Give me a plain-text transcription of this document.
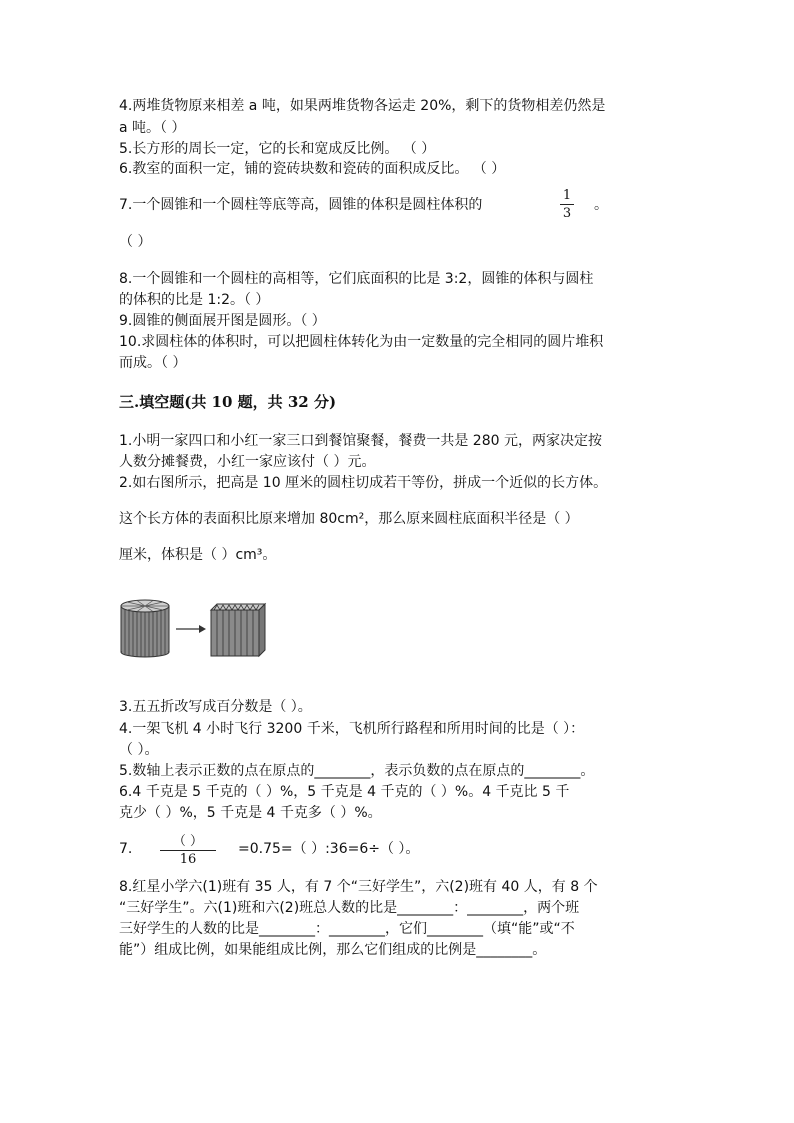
4.两堆货物原来相差 a 吨，如果两堆货物各运走 20%，剩下的货物相差仍然是
a 吨。（ ）
5.长方形的周长一定，它的长和宽成反比例。 （ ）
6.教室的面积一定，铺的瓷砖块数和瓷砖的面积成反比。 （ ）
7.一个圆锥和一个圆柱等底等高，圆锥的体积是圆柱体积的
1
3
。
（ ）
8.一个圆锥和一个圆柱的高相等，它们底面积的比是 3:2，圆锥的体积与圆柱
的体积的比是 1:2。（ ）
9.圆锥的侧面展开图是圆形。（ ）
10.求圆柱体的体积时，可以把圆柱体转化为由一定数量的完全相同的圆片堆积
而成。（ ）
三.填空题(共 10 题，共 32 分)
1.小明一家四口和小红一家三口到餐馆聚餐，餐费一共是 280 元，两家决定按
人数分摊餐费，小红一家应该付（ ）元。
2.如右图所示，把高是 10 厘米的圆柱切成若干等份，拼成一个近似的长方体。
这个长方体的表面积比原来增加 80cm²，那么原来圆柱底面积半径是（ ）
厘米，体积是（ ）cm³。
3.五五折改写成百分数是（ ）。
4.一架飞机 4 小时飞行 3200 千米，飞机所行路程和所用时间的比是（ ）：
（ ）。
5.数轴上表示正数的点在原点的________，表示负数的点在原点的________。
6.4 千克是 5 千克的（ ）%，5 千克是 4 千克的（ ）%。4 千克比 5 千
克少（ ）%，5 千克是 4 千克多（ ）%。
7.	（ ）
16
=0.75=（ ）:36=6÷（ ）。
8.红星小学六(1)班有 35 人，有 7 个“三好学生”，六(2)班有 40 人，有 8 个
“三好学生”。六(1)班和六(2)班总人数的比是________：________，两个班
三好学生的人数的比是________：________，它们________（填“能”或“不
能”）组成比例，如果能组成比例，那么它们组成的比例是________。
